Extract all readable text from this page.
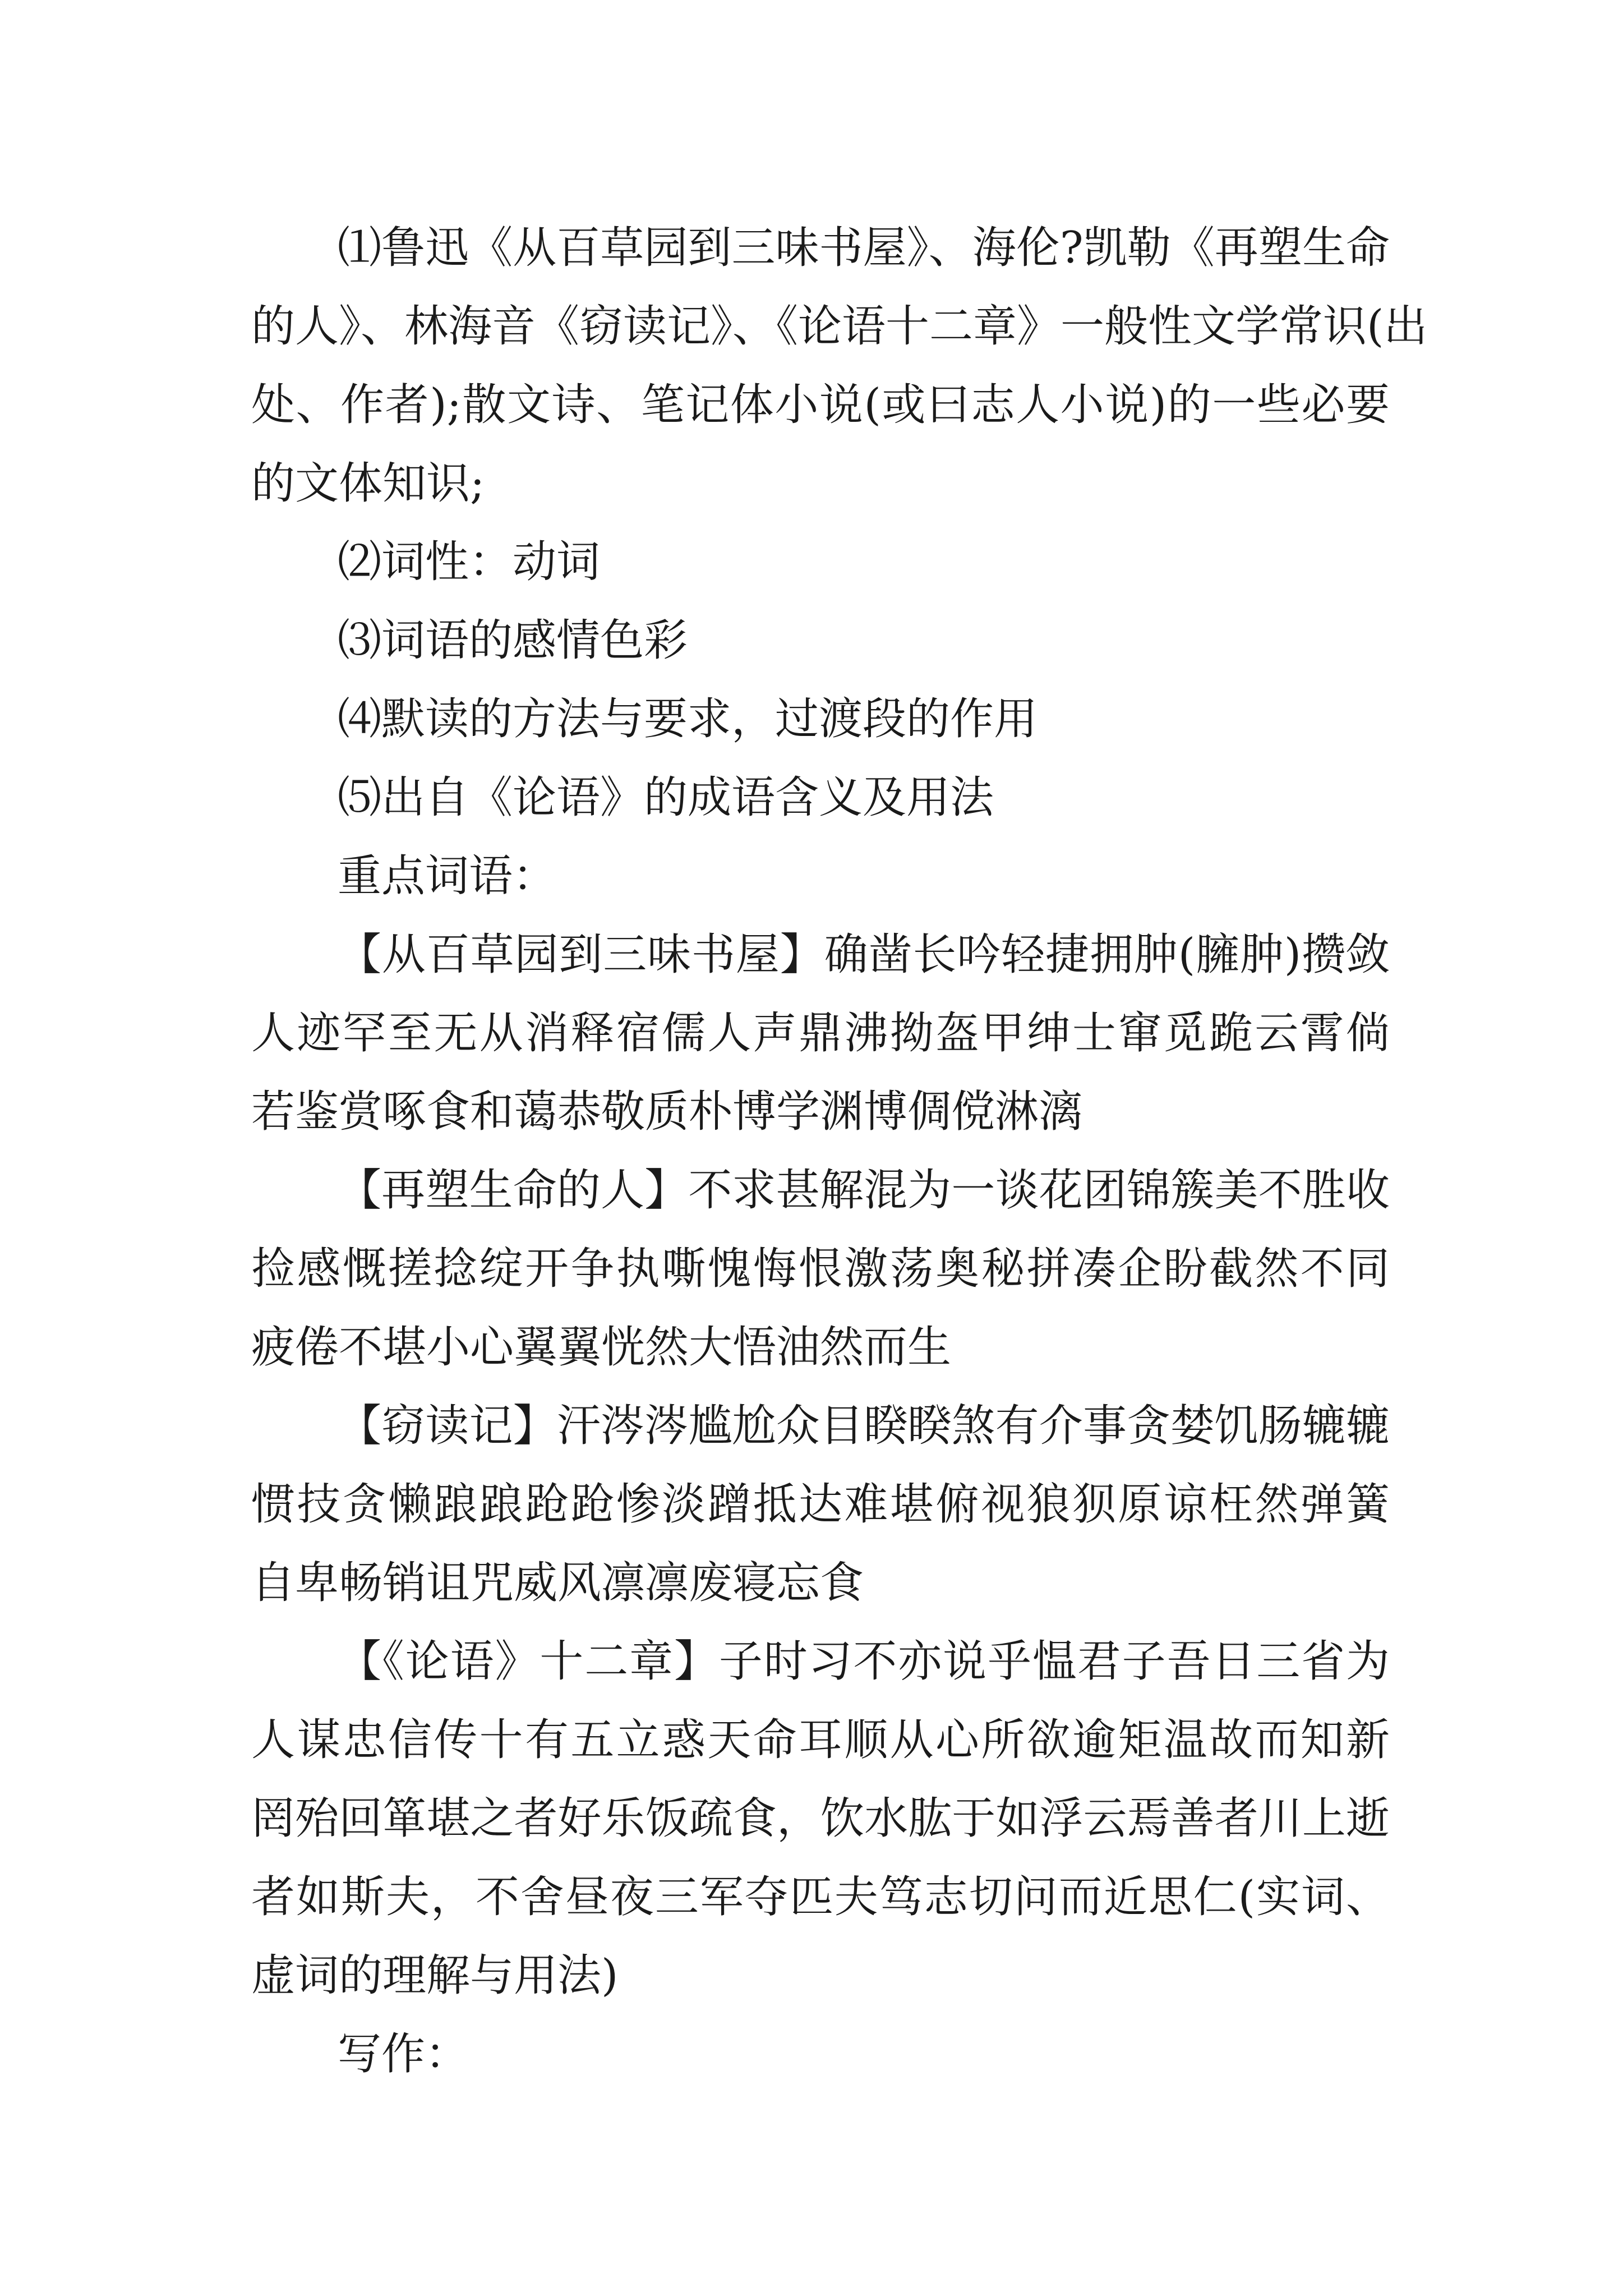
⑴鲁迅《从百草园到三味书屋》、海伦?凯勒《再塑生命
的人》、林海音《窃读记》、《论语十二章》一般性文学常识(出
处、作者);散文诗、笔记体小说(或曰志人小说)的一些必要
的文体知识;
⑵词性：动词
⑶词语的感情色彩
⑷默读的方法与要求，过渡段的作用
⑸出自《论语》的成语含义及用法
重点词语：
【从百草园到三味书屋】确凿长吟轻捷拥肿(臃肿)攒敛
人迹罕至无从消释宿儒人声鼎沸拗盔甲绅士窜觅跪云霄倘
若鉴赏啄食和蔼恭敬质朴博学渊博倜傥淋漓
【再塑生命的人】不求甚解混为一谈花团锦簇美不胜收
捡感慨搓捻绽开争执嘶愧悔恨激荡奥秘拼凑企盼截然不同
疲倦不堪小心翼翼恍然大悟油然而生
【窃读记】汗涔涔尴尬众目睽睽煞有介事贪婪饥肠辘辘
惯技贪懒踉踉跄跄惨淡蹭抵达难堪俯视狼狈原谅枉然弹簧
自卑畅销诅咒威风凛凛废寝忘食
【《论语》十二章】子时习不亦说乎愠君子吾日三省为
人谋忠信传十有五立惑天命耳顺从心所欲逾矩温故而知新
罔殆回箪堪之者好乐饭疏食，饮水肱于如浮云焉善者川上逝
者如斯夫，不舍昼夜三军夺匹夫笃志切问而近思仁(实词、
虚词的理解与用法)
写作：
